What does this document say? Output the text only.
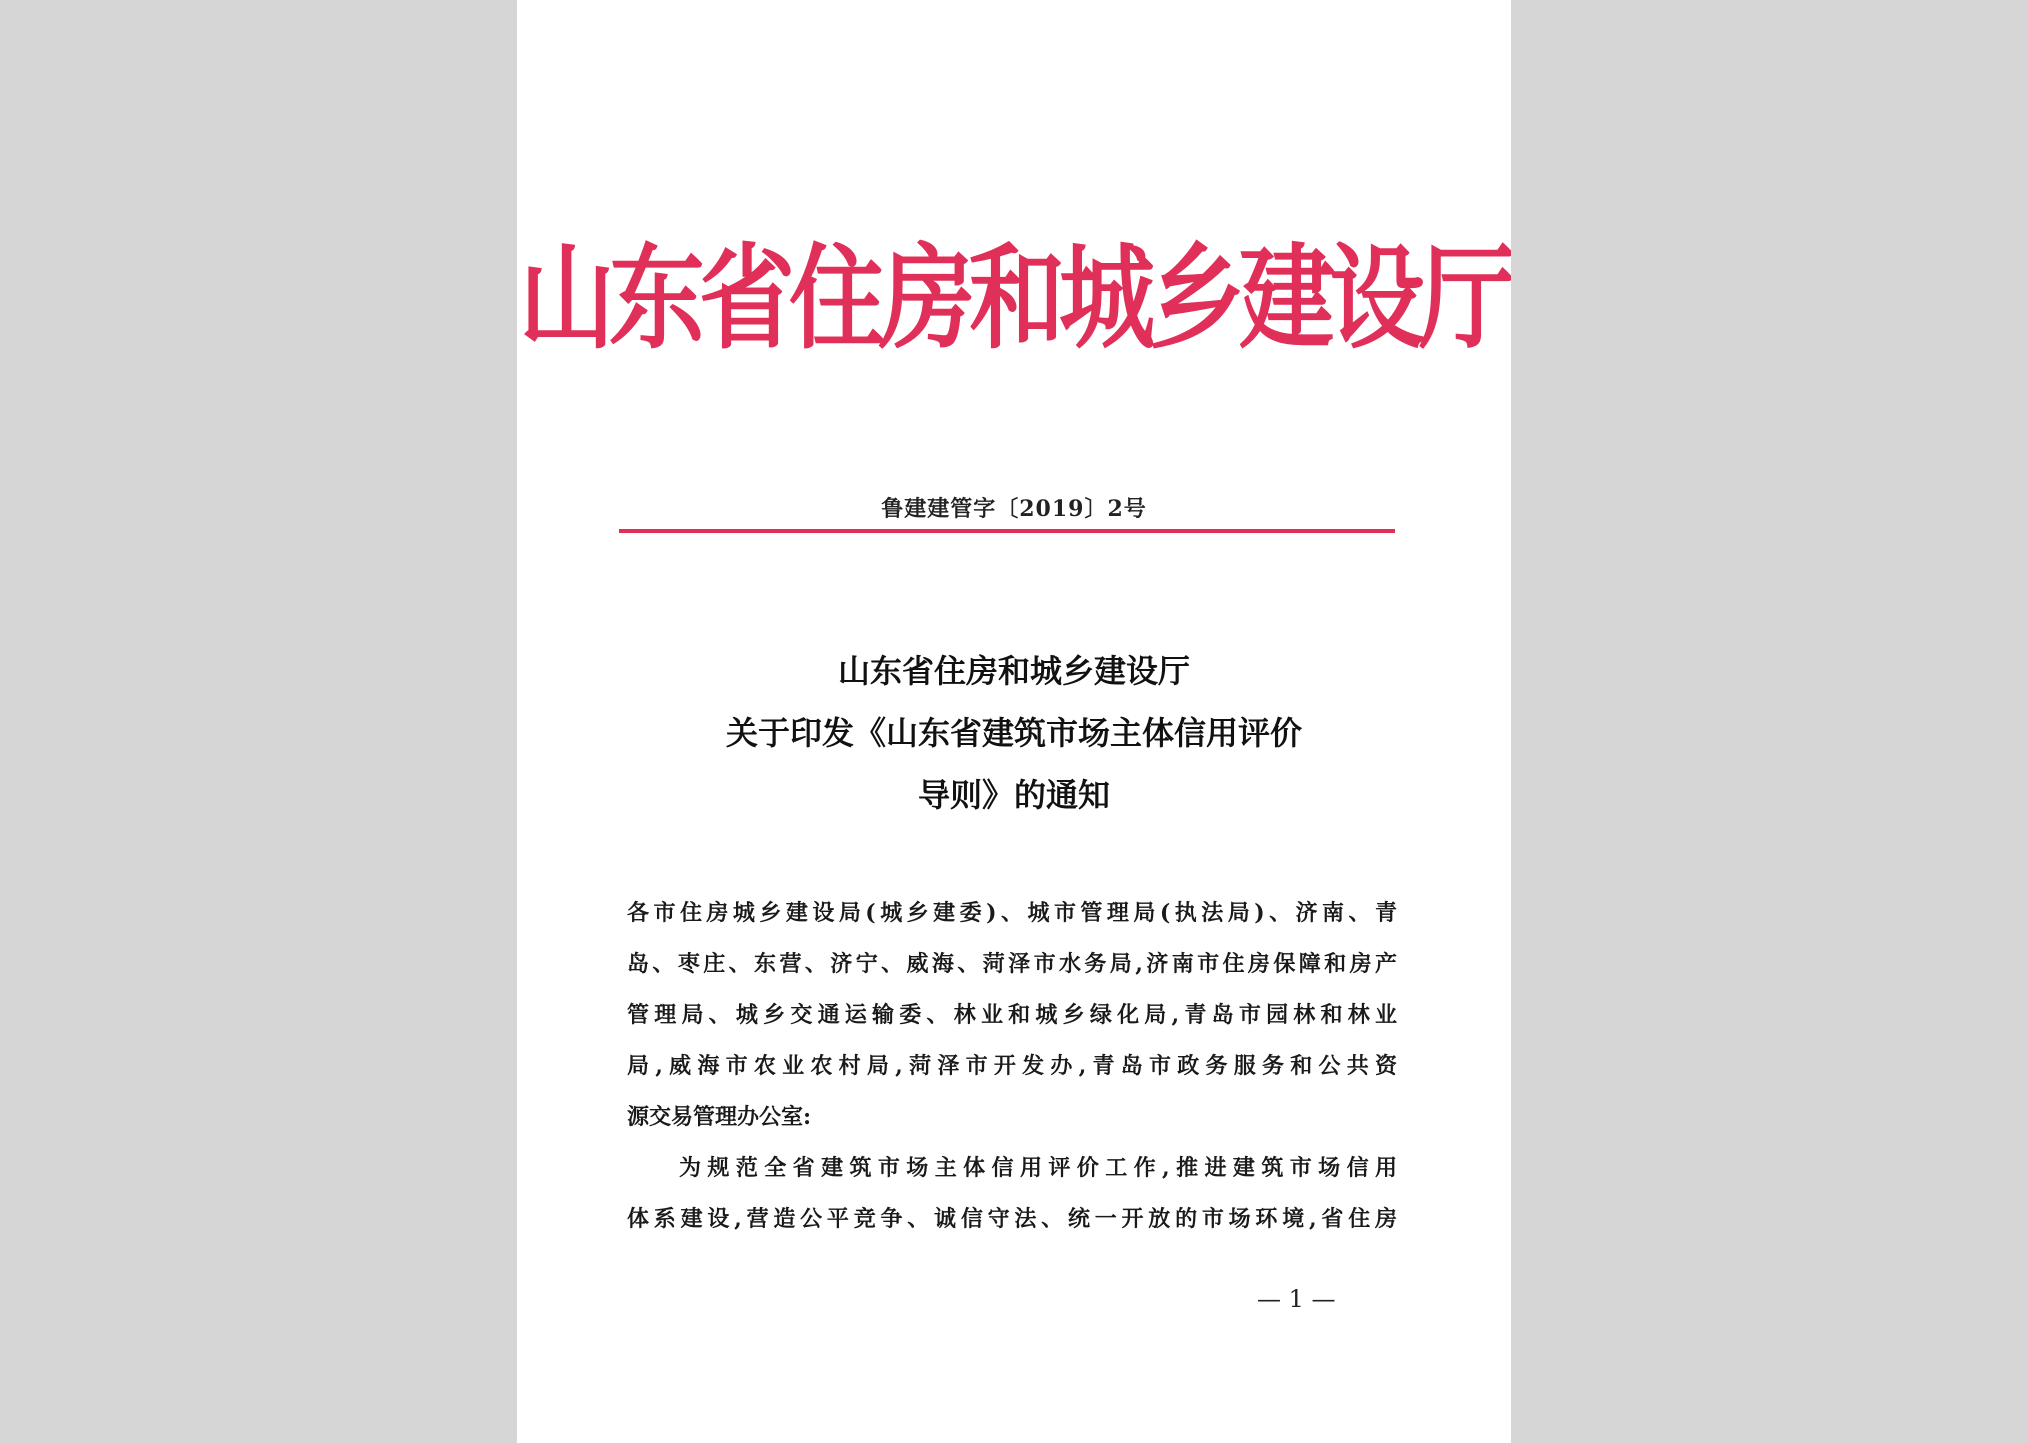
山东省住房和城乡建设厅
鲁建建管字〔2019〕2号
山东省住房和城乡建设厅
关于印发《山东省建筑市场主体信用评价
导则》的通知
各市住房城乡建设局(城乡建委)、城市管理局(执法局)、济南、青
岛、枣庄、东营、济宁、威海、菏泽市水务局,济南市住房保障和房产
管理局、城乡交通运输委、林业和城乡绿化局,青岛市园林和林业
局,威海市农业农村局,菏泽市开发办,青岛市政务服务和公共资
源交易管理办公室:
为规范全省建筑市场主体信用评价工作,推进建筑市场信用
体系建设,营造公平竞争、诚信守法、统一开放的市场环境,省住房
— 1 —
